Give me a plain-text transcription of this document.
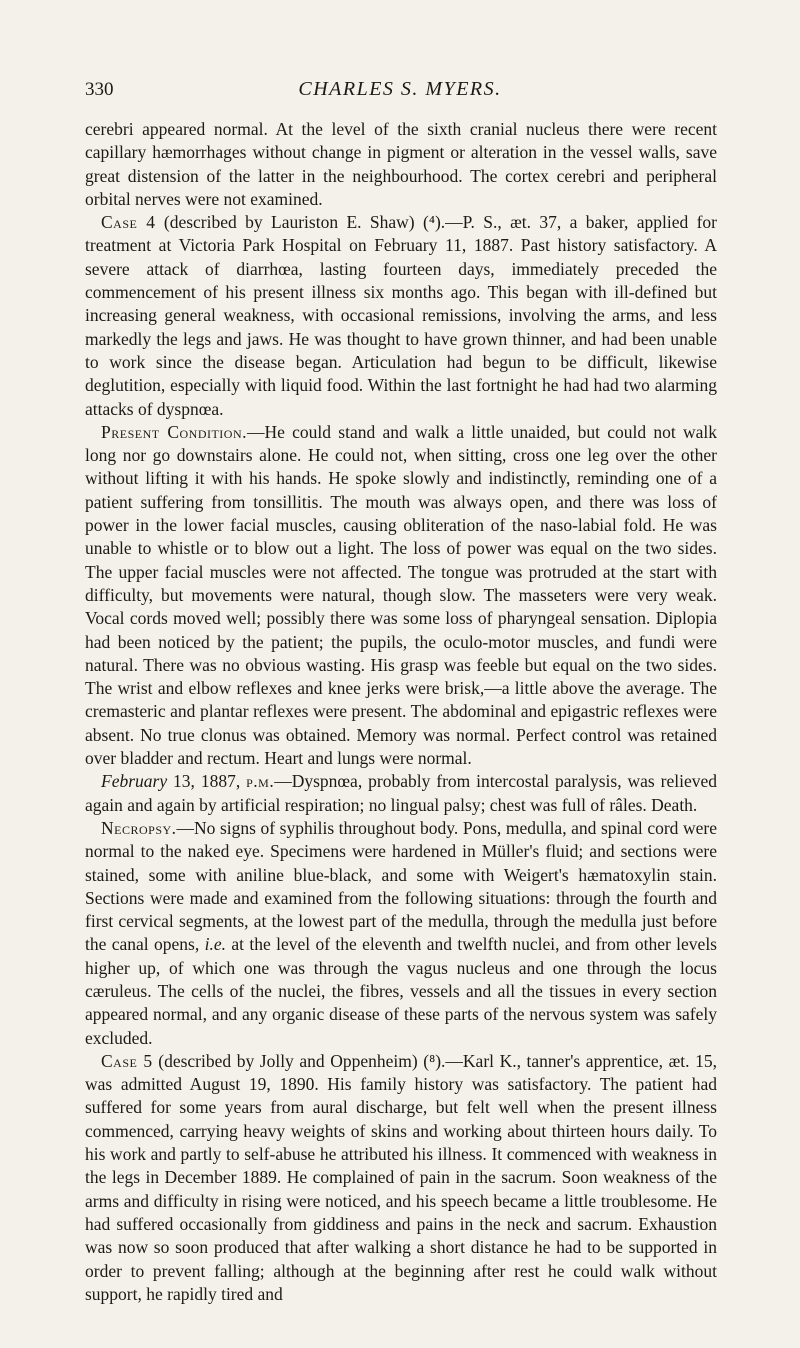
330	CHARLES S. MYERS.

cerebri appeared normal. At the level of the sixth cranial nucleus there were recent capillary hæmorrhages without change in pigment or alteration in the vessel walls, save great distension of the latter in the neighbourhood. The cortex cerebri and peripheral orbital nerves were not examined.

Case 4 (described by Lauriston E. Shaw) (⁴).—P. S., æt. 37, a baker, applied for treatment at Victoria Park Hospital on February 11, 1887. Past history satisfactory. A severe attack of diarrhœa, lasting fourteen days, immediately preceded the commencement of his present illness six months ago. This began with ill-defined but increasing general weakness, with occasional remissions, involving the arms, and less markedly the legs and jaws. He was thought to have grown thinner, and had been unable to work since the disease began. Articulation had begun to be difficult, likewise deglutition, especially with liquid food. Within the last fortnight he had had two alarming attacks of dyspnœa.

Present Condition.—He could stand and walk a little unaided, but could not walk long nor go downstairs alone. He could not, when sitting, cross one leg over the other without lifting it with his hands. He spoke slowly and indistinctly, reminding one of a patient suffering from tonsillitis. The mouth was always open, and there was loss of power in the lower facial muscles, causing obliteration of the naso-labial fold. He was unable to whistle or to blow out a light. The loss of power was equal on the two sides. The upper facial muscles were not affected. The tongue was protruded at the start with difficulty, but movements were natural, though slow. The masseters were very weak. Vocal cords moved well; possibly there was some loss of pharyngeal sensation. Diplopia had been noticed by the patient; the pupils, the oculo-motor muscles, and fundi were natural. There was no obvious wasting. His grasp was feeble but equal on the two sides. The wrist and elbow reflexes and knee jerks were brisk,—a little above the average. The cremasteric and plantar reflexes were present. The abdominal and epigastric reflexes were absent. No true clonus was obtained. Memory was normal. Perfect control was retained over bladder and rectum. Heart and lungs were normal.

February 13, 1887, p.m.—Dyspnœa, probably from intercostal paralysis, was relieved again and again by artificial respiration; no lingual palsy; chest was full of râles. Death.

Necropsy.—No signs of syphilis throughout body. Pons, medulla, and spinal cord were normal to the naked eye. Specimens were hardened in Müller's fluid; and sections were stained, some with aniline blue-black, and some with Weigert's hæmatoxylin stain. Sections were made and examined from the following situations: through the fourth and first cervical segments, at the lowest part of the medulla, through the medulla just before the canal opens, i.e. at the level of the eleventh and twelfth nuclei, and from other levels higher up, of which one was through the vagus nucleus and one through the locus cæruleus. The cells of the nuclei, the fibres, vessels and all the tissues in every section appeared normal, and any organic disease of these parts of the nervous system was safely excluded.

Case 5 (described by Jolly and Oppenheim) (⁸).—Karl K., tanner's apprentice, æt. 15, was admitted August 19, 1890. His family history was satisfactory. The patient had suffered for some years from aural discharge, but felt well when the present illness commenced, carrying heavy weights of skins and working about thirteen hours daily. To his work and partly to self-abuse he attributed his illness. It commenced with weakness in the legs in December 1889. He complained of pain in the sacrum. Soon weakness of the arms and difficulty in rising were noticed, and his speech became a little troublesome. He had suffered occasionally from giddiness and pains in the neck and sacrum. Exhaustion was now so soon produced that after walking a short distance he had to be supported in order to prevent falling; although at the beginning after rest he could walk without support, he rapidly tired and
